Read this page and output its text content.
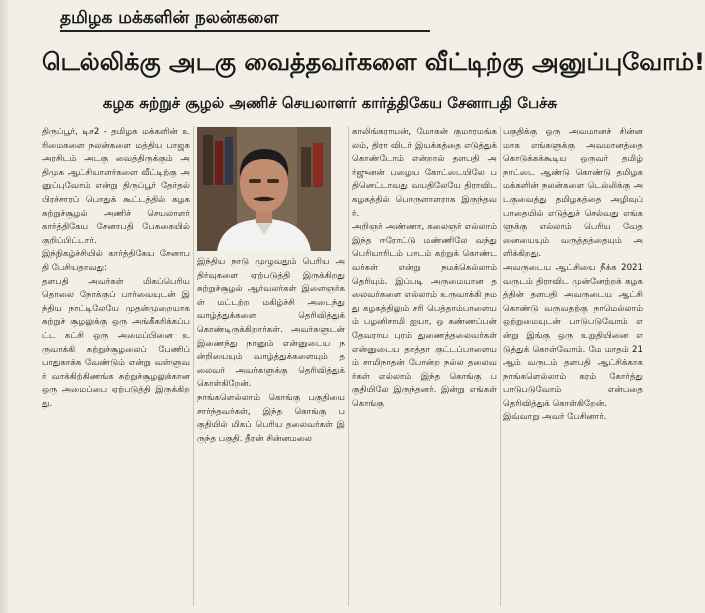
தமிழக மக்களின் நலன்களை
டெல்லிக்கு அடகு வைத்தவர்களை வீட்டிற்கு அனுப்புவோம்!
கழக சுற்றுச் சூழல் அணிச் செயலாளர் கார்த்திகேய சேனாபதி பேச்சு

திருப்பூர், டிச2 - தமிழக மக்களின் உரிமைகளை நலன்களை மத்திய பாஜக அரசிடம் அடகு வைத்திருக்கும் அதிமுக ஆட்சியாளர்களை வீட்டிற்கு அனுப்புவோம் என்று திருப்பூர் தேர்தல் பிரச்சாரப் பொதுக் கூட்டத்தில் கழக சுற்றுச்சூழல் அணிச் செயலாளர் கார்த்திகேய சேனாபதி பேசுகையில் குறிப்பிட்டார்.

இந்நிகழ்ச்சியில் கார்த்திகேய சேனாபதி பேசியதாவது:

தளபதி அவர்கள் மிகப்பெரிய தொலை நோக்குப் பார்வையுடன் இந்திய நாட்டிலேயே முதன்முறையாக சுற்றுச் சூழலுக்கு ஒரு அங்கீகரிக்கப்பட்ட கட்சி ஒரு அமைப்பினை உருவாக்கி சுற்றுச்சூழலைப் பேணிப் பாதுகாக்க வேண்டும் என்று வள்ளுவர் வாக்கிற்கிணங்க சுற்றுச்சூழலுக்கான ஒரு அமைப்பை ஏற்படுத்தி இருக்கிறது.

இந்திய நாடு முழுவதும் பெரிய அதிர்வுகளை ஏற்படுத்தி இருக்கிறது சுற்றுச்சூழல் ஆர்வலர்கள் இளைஞர்கள் மட்டற்ற மகிழ்ச்சி அடைந்து வாழ்த்துக்களை தெரிவித்துக் கொண்டிருக்கிறார்கள். அவர்களுடன் இணைந்து நானும் என்னுடைய நன்றியையும் வாழ்த்துக்களையும் தலைவர் அவர்களுக்கு தெரிவித்துக் கொள்கிறேன்.

நாங்களெல்லாம் கொங்கு பகுதியை சார்ந்தவர்கள், இந்த கொங்கு பகுதியில் மிகப் பெரிய தலைவர்கள் இருந்த பகுதி. தீரன் சின்னமலை

காலிங்கராயன், மோகன் குமாரமங்கலம், திரா விடர் இயக்கத்தை எடுத்துக் கொண்டோம் என்றால் தளபதி அர்ஜுனன் பழைய கோட்டையிலே பதினெட்டாவது வயதிலேயே திராவிட கழகத்தில் பொருளாளராக இருந்தவர்.

அறிஞர் அண்ணா, கலைஞர் எல்லாம் இந்த ஈரோட்டு மண்ணிலே வந்து பெரியாரிடம் பாடம் கற்றுக் கொண்டவர்கள் என்று நமக்கெல்லாம் தெரியும். இப்படி அருமையான தலைவர்களை எல்லாம் உருவாக்கி நமது கழகத்திலும் சரி பெத்தாம்பாளையம் பழனிசாமி ஐயா, ஒ கண்ணப்பன் தேவராய புரம் துணைத்தலைவர்கள் என்னுடைய தாத்தா குட்டப்பாளையம் சாமிநாதன் போன்ற நல்ல தலைவர்கள் எல்லாம் இந்த கொங்கு பகுதியிலே இருந்தனர். இன்று எங்கள் கொங்கு

பகுதிக்கு ஒரு அவமானச் சின்னமாக எங்களுக்கு அவமானத்தை கொடுக்கக்கூடிய ஒருவர் தமிழ் நாட்டை ஆண்டு கொண்டு தமிழக மக்களின் நலன்களை டெல்லிக்கு அடகுவைத்து தமிழகத்தை அழிவுப் பாதையில் எடுத்துச் செல்வது எங்களுக்கு எல்லாம் பெரிய வேதனையையும் வருத்தத்தையும் அளிக்கிறது.

அவருடைய ஆட்சியை நீக்க 2021 வருடம் திராவிட முன்னேற்றக் கழகத்தின் தளபதி அவருடைய ஆட்சி கொண்டு வருவதற்கு நாமெல்லாம் ஒற்றுமையுடன் பாடுபடுவோம் என்று இங்கு ஒரு உறுதியினை எடுத்துக் கொள்வோம். மே மாதம் 21 ஆம் வருடம் தளபதி ஆட்சிக்காக நாங்களெல்லாம் கரம் கோர்த்து பாடுபடுவோம் என்பதை தெரிவித்துக் கொள்கிறேன்.

இவ்வாறு அவர் பேசினார்.
